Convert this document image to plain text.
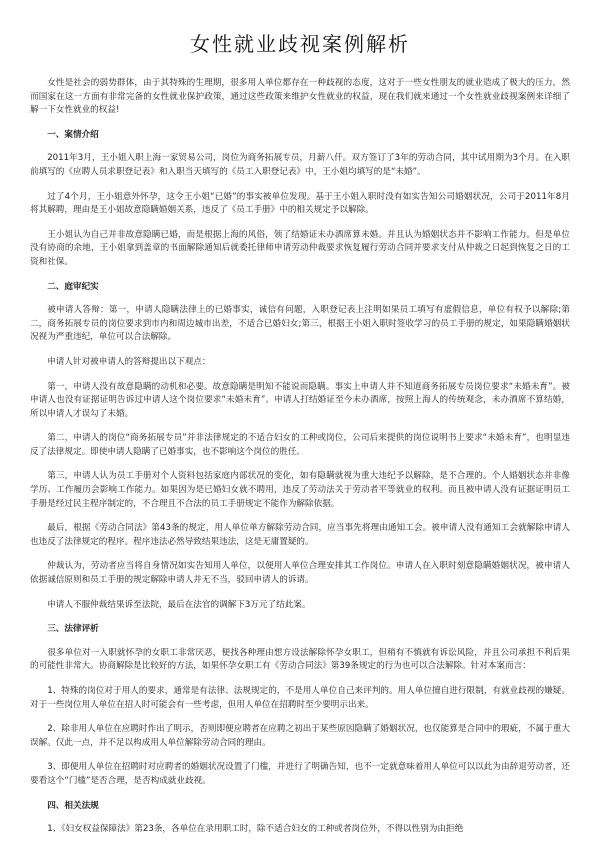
女性就业歧视案例解析

女性是社会的弱势群体，由于其特殊的生理期，很多用人单位都存在一种歧视的态度，这对于一些女性朋友的就业造成了极大的压力，然而国家在这一方面有非常完备的女性就业保护政策，通过这些政策来维护女性就业的权益，现在我们就来通过一个女性就业歧视案例来详细了解一下女性就业的权益!

一、案情介绍

2011年3月，王小姐入职上海一家贸易公司，岗位为商务拓展专员，月薪八仟。双方签订了3年的劳动合同，其中试用期为3个月。在入职前填写的《应聘人员求职登记表》和入职当天填写的《员工入职登记表》中，王小姐均填写的是“未婚”。

过了4个月，王小姐意外怀孕，这令王小姐“已婚”的事实被单位发现。基于王小姐入职时没有如实告知公司婚姻状况，公司于2011年8月将其解聘，理由是王小姐故意隐瞒婚姻关系，违反了《员工手册》中的相关规定予以解除。

王小姐认为自己并非故意隐瞒已婚，而是根据上海的风俗，领了结婚证未办酒席算未婚。并且认为婚姻状态并不影响工作能力。但是单位没有协商的余地，王小姐拿到盖章的书面解除通知后就委托律师申请劳动仲裁要求恢复履行劳动合同并要求支付从仲裁之日起到恢复之日的工资和社保。

二、庭审纪实

被申请人答辩：第一，申请人隐瞒法律上的已婚事实，诚信有问题，入职登记表上注明如果员工填写有虚假信息，单位有权予以解除;第二，商务拓展专员的岗位要求到市内和周边城市出差，不适合已婚妇女;第三，根据王小姐入职时签收学习的员工手册的规定，如果隐瞒婚姻状况视为严重违纪，单位可以合法解除。

申请人针对被申请人的答辩提出以下观点：

第一，申请人没有故意隐瞒的动机和必要。故意隐瞒是明知不能说而隐瞒。事实上申请人并不知道商务拓展专员岗位要求“未婚未育”。被申请人也没有证据证明告诉过申请人这个岗位要求“未婚未育”。申请人打结婚证至今未办酒席，按照上海人的传统观念，未办酒席不算结婚，所以申请人才误勾了未婚。

第二，申请人的岗位“商务拓展专员”并非法律规定的不适合妇女的工种或岗位，公司后来提供的岗位说明书上要求“未婚未育”，也明显违反了法律规定。即使申请人隐瞒了已婚事实，也不影响这个岗位的胜任。

第三，申请人认为员工手册对个人资料包括家庭内部状况的变化，如有隐瞒就视为重大违纪予以解除，是不合理的。个人婚姻状态并非像学历、工作履历会影响工作能力。如果因为是已婚妇女就不聘用，违反了劳动法关于劳动者平等就业的权利。而且被申请人没有证据证明员工手册是经过民主程序制定的，不合理且不合法的员工手册规定不能作为解除依据。

最后，根据《劳动合同法》第43条的规定，用人单位单方解除劳动合同，应当事先将理由通知工会。被申请人没有通知工会就解除申请人也违反了法律规定的程序。程序违法必然导致结果违法，这是无庸置疑的。

仲裁认为，劳动者应当将自身情况如实告知用人单位，以便用人单位合理安排其工作岗位。申请人在入职时刻意隐瞒婚姻状况，被申请人依据诚信原则和员工手册的规定解除申请人并无不当，驳回申请人的诉请。

申请人不服仲裁结果诉至法院，最后在法官的调解下3万元了结此案。

三、法律评析

很多单位对一入职就怀孕的女职工非常厌恶，便找各种理由想方设法解除怀孕女职工，但稍有不慎就有诉讼风险，并且公司承担不利后果的可能性非常大。协商解除是比较好的方法，如果怀孕女职工有《劳动合同法》第39条规定的行为也可以合法解除。针对本案而言：

1、特殊的岗位对于用人的要求，通常是有法律、法规规定的，不是用人单位自己来评判的。用人单位擅自进行限制，有就业歧视的嫌疑。对于一些岗位用人单位在招人时可能会有一些考虑，但用人单位在招聘时至少要明示出来。

2、除非用人单位在应聘时作出了明示，否则即便应聘者在应聘之初出于某些原因隐瞒了婚姻状况，也仅能算是合同中的瑕疵，不属于重大误解。仅此一点，并不足以构成用人单位解除劳动合同的理由。

3、即便用人单位在招聘时对应聘者的婚姻状况设置了门槛，并进行了明确告知，也不一定就意味着用人单位可以以此为由辞退劳动者，还要看这个“门槛”是否合理，是否构成就业歧视。

四、相关法规

1、《妇女权益保障法》第23条，各单位在录用职工时，除不适合妇女的工种或者岗位外，不得以性别为由拒绝
